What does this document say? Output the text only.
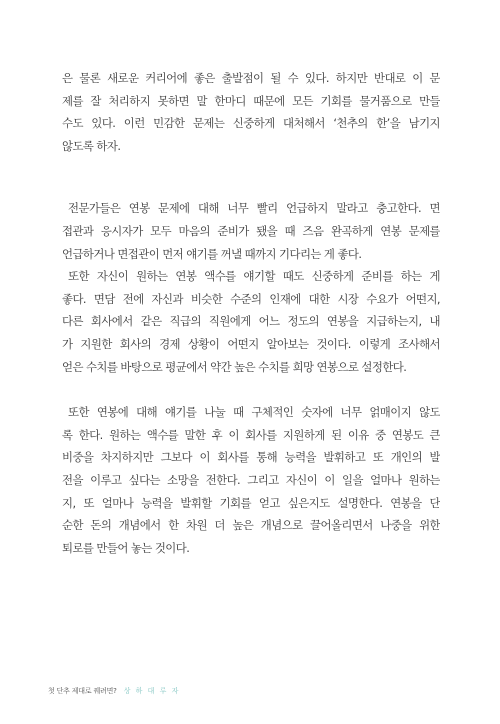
은 물론 새로운 커리어에 좋은 출발점이 될 수 있다. 하지만 반대로 이 문
제를 잘 처리하지 못하면 말 한마디 때문에 모든 기회를 물거품으로 만들
수도 있다. 이런 민감한 문제는 신중하게 대처해서 ‘천추의 한’을 남기지
않도록 하자.
전문가들은 연봉 문제에 대해 너무 빨리 언급하지 말라고 충고한다. 면
접관과 응시자가 모두 마음의 준비가 됐을 때 즈음 완곡하게 연봉 문제를
언급하거나 면접관이 먼저 얘기를 꺼낼 때까지 기다리는 게 좋다.
또한 자신이 원하는 연봉 액수를 얘기할 때도 신중하게 준비를 하는 게
좋다. 면담 전에 자신과 비슷한 수준의 인재에 대한 시장 수요가 어떤지,
다른 회사에서 같은 직급의 직원에게 어느 정도의 연봉을 지급하는지, 내
가 지원한 회사의 경제 상황이 어떤지 알아보는 것이다. 이렇게 조사해서
얻은 수치를 바탕으로 평균에서 약간 높은 수치를 희망 연봉으로 설정한다.
또한 연봉에 대해 얘기를 나눌 때 구체적인 숫자에 너무 얽매이지 않도
록 한다. 원하는 액수를 말한 후 이 회사를 지원하게 된 이유 중 연봉도 큰
비중을 차지하지만 그보다 이 회사를 통해 능력을 발휘하고 또 개인의 발
전을 이루고 싶다는 소망을 전한다. 그리고 자신이 이 일을 얼마나 원하는
지, 또 얼마나 능력을 발휘할 기회를 얻고 싶은지도 설명한다. 연봉을 단
순한 돈의 개념에서 한 차원 더 높은 개념으로 끌어올리면서 나중을 위한
퇴로를 만들어 놓는 것이다.
첫 단추 제대로 꿰려면? 상 하 대 루 자
